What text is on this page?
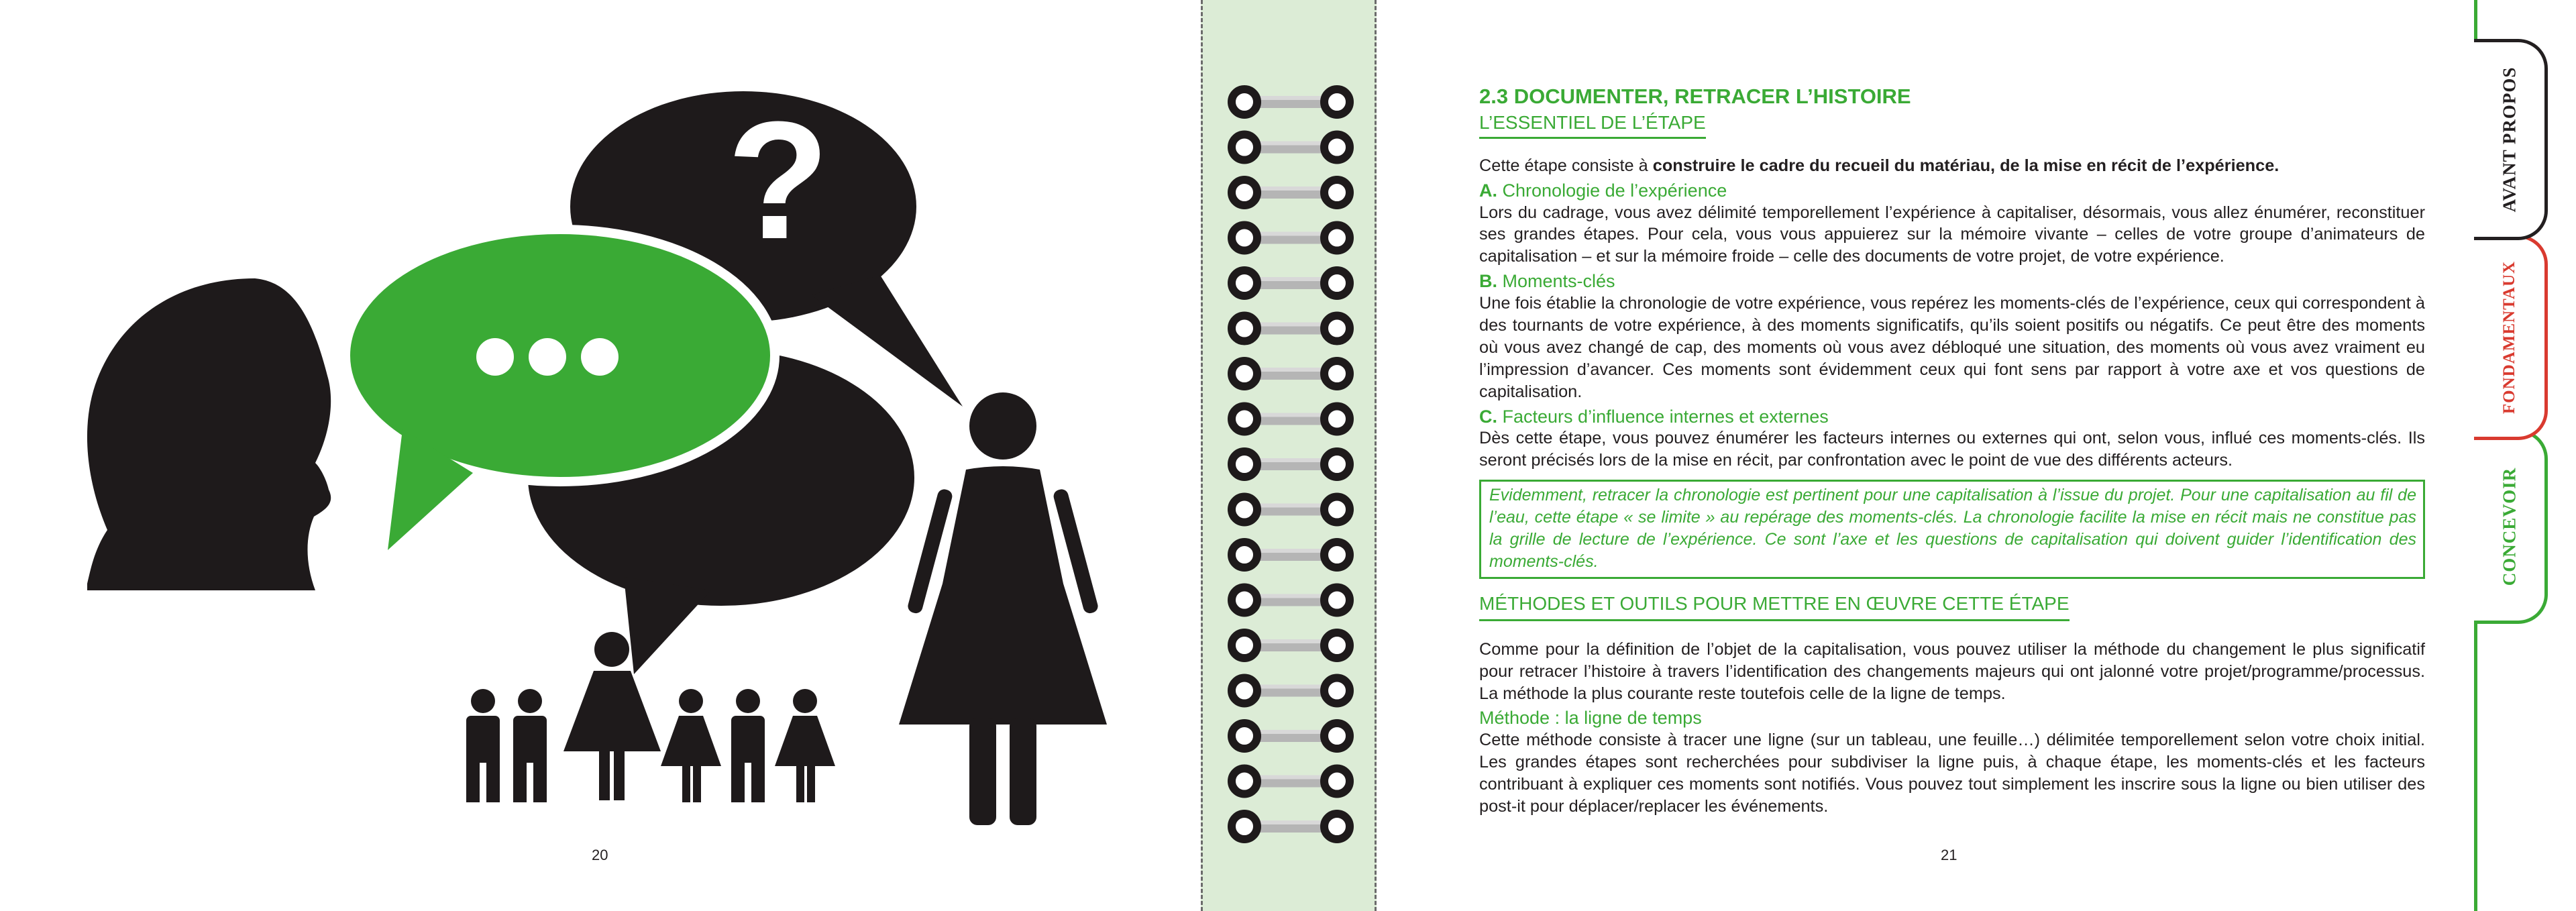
?
20
2.3 DOCUMENTER, RETRACER L’HISTOIRE
L’ESSENTIEL DE L’ÉTAPE

Cette étape consiste à construire le cadre du recueil du matériau, de la mise en récit de l’expérience.

A. Chronologie de l’expérience

Lors du cadrage, vous avez délimité temporellement l’expérience à capitaliser, désormais, vous allez énumérer, reconstituer ses grandes étapes. Pour cela, vous vous appuierez sur la mémoire vivante – celles de votre groupe d’animateurs de capitalisation – et sur la mémoire froide – celle des documents de votre projet, de votre expérience.

B. Moments-clés

Une fois établie la chronologie de votre expérience, vous repérez les moments-clés de l’expérience, ceux qui correspondent à des tournants de votre expérience, à des moments significatifs, qu’ils soient positifs ou négatifs. Ce peut être des moments où vous avez changé de cap, des moments où vous avez débloqué une situation, des moments où vous avez vraiment eu l’impression d’avancer. Ces moments sont évidemment ceux qui font sens par rapport à votre axe et vos questions de capitalisation.

C. Facteurs d’influence internes et externes

Dès cette étape, vous pouvez énumérer les facteurs internes ou externes qui ont, selon vous, influé ces moments-clés. Ils seront précisés lors de la mise en récit, par confrontation avec le point de vue des différents acteurs.

Evidemment, retracer la chronologie est pertinent pour une capitalisation à l’issue du projet. Pour une capitalisation au fil de l’eau, cette étape « se limite » au repérage des moments-clés. La chronologie facilite la mise en récit mais ne constitue pas la grille de lecture de l’expérience. Ce sont l’axe et les questions de capitalisation qui doivent guider l’identification des moments-clés.
MÉTHODES ET OUTILS POUR METTRE EN ŒUVRE CETTE ÉTAPE

Comme pour la définition de l’objet de la capitalisation, vous pouvez utiliser la méthode du changement le plus significatif pour retracer l’histoire à travers l’identification des changements majeurs qui ont jalonné votre projet/programme/processus. La méthode la plus courante reste toutefois celle de la ligne de temps.

Méthode : la ligne de temps

Cette méthode consiste à tracer une ligne (sur un tableau, une feuille…) délimitée temporellement selon votre choix initial. Les grandes étapes sont recherchées pour subdiviser la ligne puis, à chaque étape, les moments-clés et les facteurs contribuant à expliquer ces moments sont notifiés. Vous pouvez tout simplement les inscrire sous la ligne ou bien utiliser des post-it pour déplacer/replacer les événements.

21
AVANT PROPOS
FONDAMENTAUX
CONCEVOIR
